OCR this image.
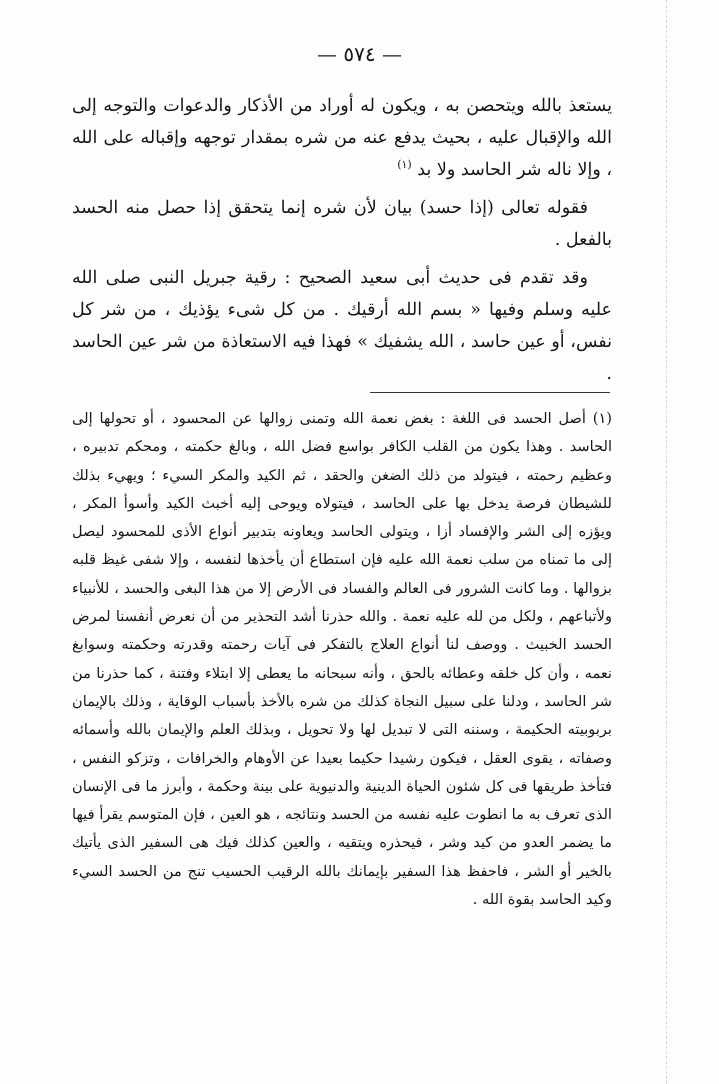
— ٥٧٤ —

يستعذ بالله ويتحصن به ، ويكون له أوراد من الأذكار والدعوات والتوجه إلى الله والإقبال عليه ، بحيث يدفع عنه من شره بمقدار توجهه وإقباله على الله ، وإلا ناله شر الحاسد ولا بد $^{(١)}$

فقوله تعالى (إذا حسد) بيان لأن شره إنما يتحقق إذا حصل منه الحسد بالفعل .

وقد تقدم فى حديث أبى سعيد الصحيح : رقية جبريل النبى صلى الله عليه وسلم وفيها « بسم الله أرقيك . من كل شىء يؤذيك ، من شر كل نفس، أو عين حاسد ، الله يشفيك » فهذا فيه الاستعاذة من شر عين الحاسد .

(١) أصل الحسد فى اللغة : بغض نعمة الله وتمنى زوالها عن المحسود ، أو تحولها إلى الحاسد . وهذا يكون من القلب الكافر بواسع فضل الله ، وبالغ حكمته ، ومحكم تدبيره ، وعظيم رحمته ، فيتولد من ذلك الضغن والحقد ، ثم الكيد والمكر السيء ؛ ويهيء بذلك للشيطان فرصة يدخل بها على الحاسد ، فيتولاه ويوحى إليه أخبث الكيد وأسوأ المكر ، ويؤزه إلى الشر والإفساد أزا ، ويتولى الحاسد ويعاونه بتدبير أنواع الأذى للمحسود ليصل إلى ما تمناه من سلب نعمة الله عليه فإن استطاع أن يأخذها لنفسه ، وإلا شفى غيظ قلبه بزوالها . وما كانت الشرور فى العالم والفساد فى الأرض إلا من هذا البغى والحسد ، للأنبياء ولأتباعهم ، ولكل من لله عليه نعمة . والله حذرنا أشد التحذير من أن نعرض أنفسنا لمرض الحسد الخبيث . ووصف لنا أنواع العلاج بالتفكر فى آيات رحمته وقدرته وحكمته وسوابغ نعمه ، وأن كل خلقه وعطائه بالحق ، وأنه سبحانه ما يعطى إلا ابتلاء وفتنة ، كما حذرنا من شر الحاسد ، ودلنا على سبيل النجاة كذلك من شره بالأخذ بأسباب الوقاية ، وذلك بالإيمان بربوبيته الحكيمة ، وسننه التى لا تبديل لها ولا تحويل ، وبذلك العلم والإيمان بالله وأسمائه وصفاته ، يقوى العقل ، فيكون رشيدا حكيما بعيدا عن الأوهام والخرافات ، وتزكو النفس ، فتأخذ طريقها فى كل شئون الحياة الدينية والدنيوية على بينة وحكمة ، وأبرز ما فى الإنسان الذى تعرف به ما انطوت عليه نفسه من الحسد ونتائجه ، هو العين ، فإن المتوسم يقرأ فيها ما يضمر العدو من كيد وشر ، فيحذره ويتقيه ، والعين كذلك فيك هى السفير الذى يأتيك بالخير أو الشر ، فاحفظ هذا السفير بإيمانك بالله الرقيب الحسيب تنج من الحسد السيء وكيد الحاسد بقوة الله .
